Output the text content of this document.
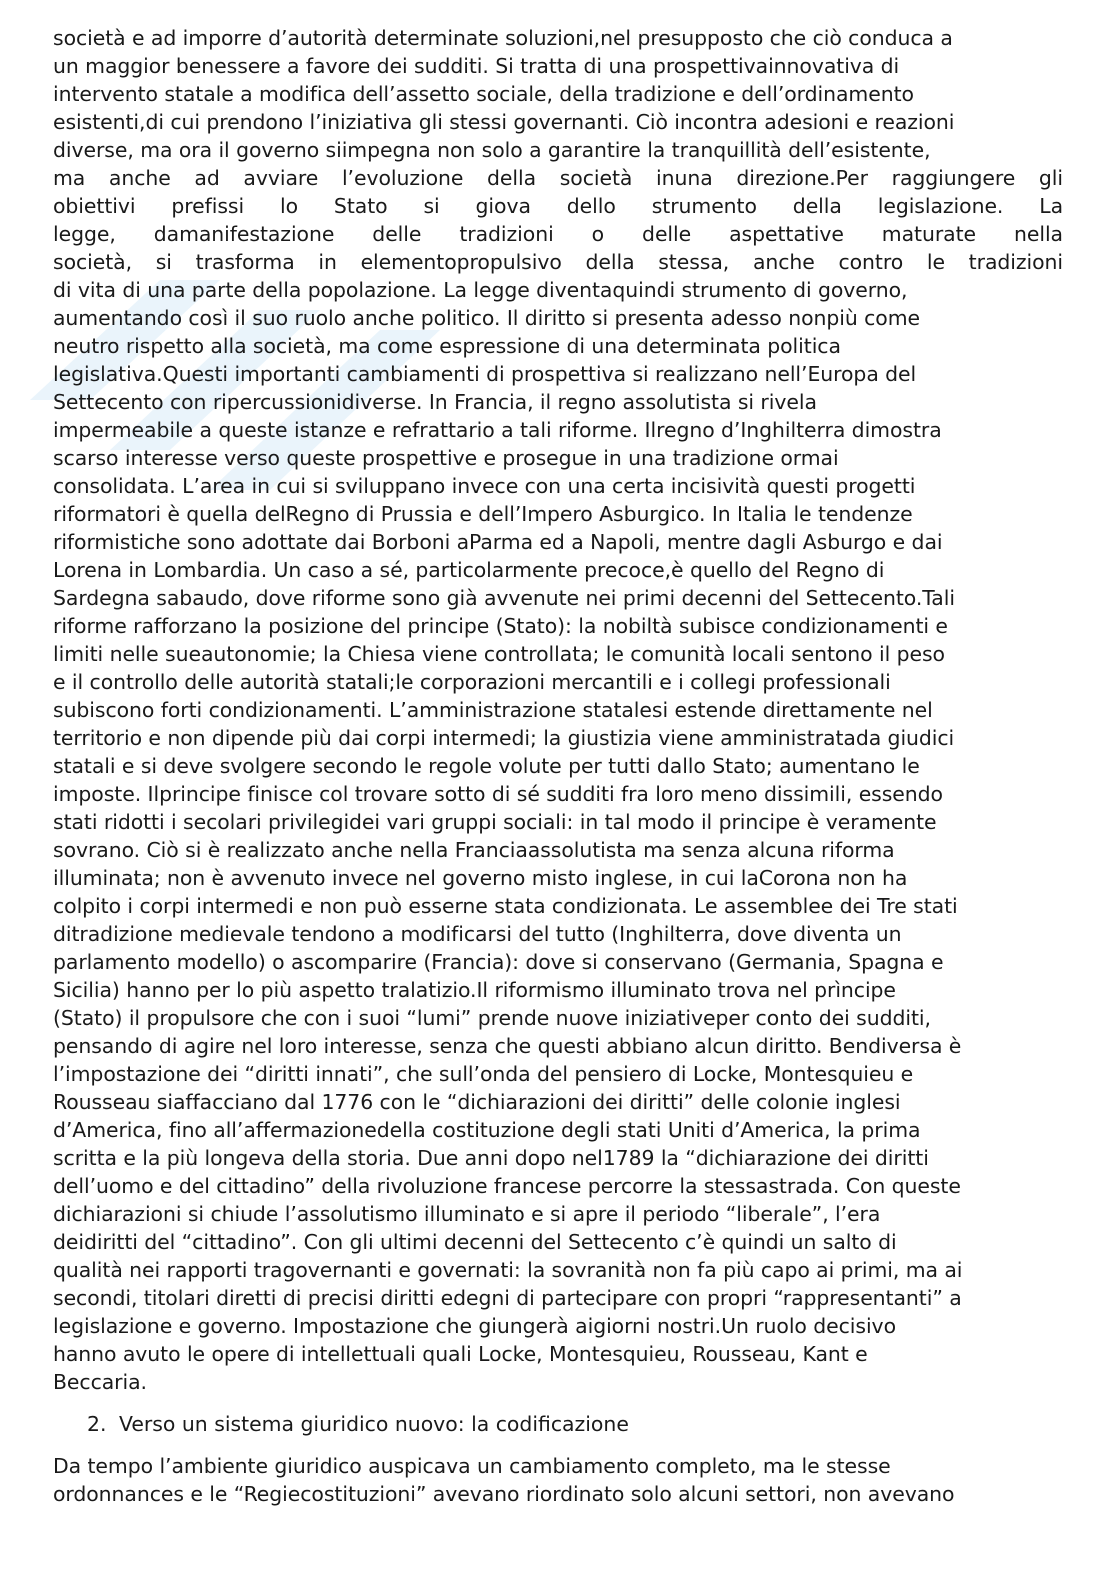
società e ad imporre d’autorità determinate soluzioni,nel presupposto che ciò conduca a
un maggior benessere a favore dei sudditi. Si tratta di una prospettivainnovativa di
intervento statale a modifica dell’assetto sociale, della tradizione e dell’ordinamento
esistenti,di cui prendono l’iniziativa gli stessi governanti. Ciò incontra adesioni e reazioni
diverse, ma ora il governo siimpegna non solo a garantire la tranquillità dell’esistente,
ma anche ad avviare l’evoluzione della società inuna direzione.Per raggiungere gli
obiettivi prefissi lo Stato si giova dello strumento della legislazione. La
legge, damanifestazione delle tradizioni o delle aspettative maturate nella
società, si trasforma in elementopropulsivo della stessa, anche contro le tradizioni
di vita di una parte della popolazione. La legge diventaquindi strumento di governo,
aumentando così il suo ruolo anche politico. Il diritto si presenta adesso nonpiù come
neutro rispetto alla società, ma come espressione di una determinata politica
legislativa.Questi importanti cambiamenti di prospettiva si realizzano nell’Europa del
Settecento con ripercussionidiverse. In Francia, il regno assolutista si rivela
impermeabile a queste istanze e refrattario a tali riforme. Ilregno d’Inghilterra dimostra
scarso interesse verso queste prospettive e prosegue in una tradizione ormai
consolidata. L’area in cui si sviluppano invece con una certa incisività questi progetti
riformatori è quella delRegno di Prussia e dell’Impero Asburgico. In Italia le tendenze
riformistiche sono adottate dai Borboni aParma ed a Napoli, mentre dagli Asburgo e dai
Lorena in Lombardia. Un caso a sé, particolarmente precoce,è quello del Regno di
Sardegna sabaudo, dove riforme sono già avvenute nei primi decenni del Settecento.Tali
riforme rafforzano la posizione del principe (Stato): la nobiltà subisce condizionamenti e
limiti nelle sueautonomie; la Chiesa viene controllata; le comunità locali sentono il peso
e il controllo delle autorità statali;le corporazioni mercantili e i collegi professionali
subiscono forti condizionamenti. L’amministrazione statalesi estende direttamente nel
territorio e non dipende più dai corpi intermedi; la giustizia viene amministratada giudici
statali e si deve svolgere secondo le regole volute per tutti dallo Stato; aumentano le
imposte. Ilprincipe finisce col trovare sotto di sé sudditi fra loro meno dissimili, essendo
stati ridotti i secolari privilegidei vari gruppi sociali: in tal modo il principe è veramente
sovrano. Ciò si è realizzato anche nella Franciaassolutista ma senza alcuna riforma
illuminata; non è avvenuto invece nel governo misto inglese, in cui laCorona non ha
colpito i corpi intermedi e non può esserne stata condizionata. Le assemblee dei Tre stati
ditradizione medievale tendono a modificarsi del tutto (Inghilterra, dove diventa un
parlamento modello) o ascomparire (Francia): dove si conservano (Germania, Spagna e
Sicilia) hanno per lo più aspetto tralatizio.Il riformismo illuminato trova nel prìncipe
(Stato) il propulsore che con i suoi “lumi” prende nuove iniziativeper conto dei sudditi,
pensando di agire nel loro interesse, senza che questi abbiano alcun diritto. Bendiversa è
l’impostazione dei “diritti innati”, che sull’onda del pensiero di Locke, Montesquieu e
Rousseau siaffacciano dal 1776 con le “dichiarazioni dei diritti” delle colonie inglesi
d’America, fino all’affermazionedella costituzione degli stati Uniti d’America, la prima
scritta e la più longeva della storia. Due anni dopo nel1789 la “dichiarazione dei diritti
dell’uomo e del cittadino” della rivoluzione francese percorre la stessastrada. Con queste
dichiarazioni si chiude l’assolutismo illuminato e si apre il periodo “liberale”, l’era
deidiritti del “cittadino”. Con gli ultimi decenni del Settecento c’è quindi un salto di
qualità nei rapporti tragovernanti e governati: la sovranità non fa più capo ai primi, ma ai
secondi, titolari diretti di precisi diritti edegni di partecipare con propri “rappresentanti” a
legislazione e governo. Impostazione che giungerà aigiorni nostri.Un ruolo decisivo
hanno avuto le opere di intellettuali quali Locke, Montesquieu, Rousseau, Kant e
Beccaria.
2. Verso un sistema giuridico nuovo: la codificazione
Da tempo l’ambiente giuridico auspicava un cambiamento completo, ma le stesse
ordonnances e le “Regiecostituzioni” avevano riordinato solo alcuni settori, non avevano
